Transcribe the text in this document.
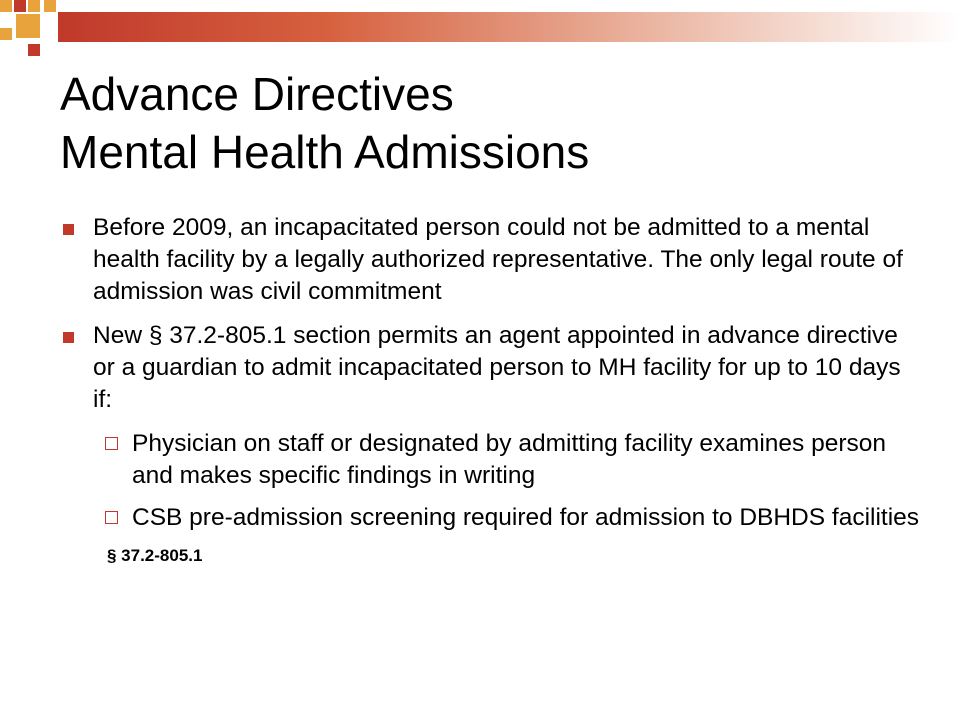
Advance Directives
Mental Health Admissions
Before 2009, an incapacitated person could not be admitted to a mental health facility by a legally authorized representative. The only legal route of admission was civil commitment
New § 37.2-805.1 section permits an agent appointed in advance directive or a guardian to admit incapacitated person to MH facility for up to 10 days if:
Physician on staff or designated by admitting facility examines person and makes specific findings in writing
CSB pre-admission screening required for admission to DBHDS facilities
§ 37.2-805.1
